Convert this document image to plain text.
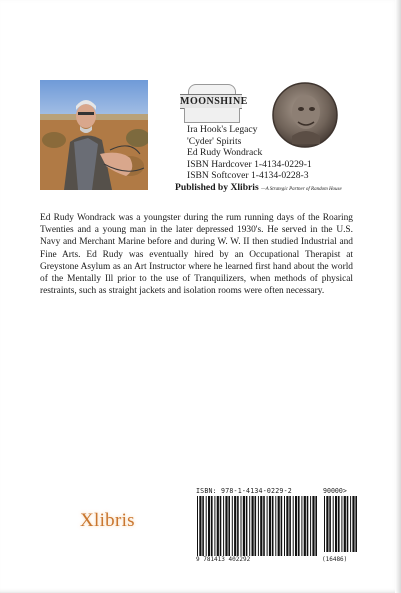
MOONSHINE
Ira Hook's Legacy
'Cyder' Spirits
Ed Rudy Wondrack
ISBN Hardcover 1-4134-0229-1
ISBN Softcover 1-4134-0228-3
Published by Xlibris —A Strategic Partner of Random House

Ed Rudy Wondrack was a youngster during the rum running days of the Roaring Twenties and a young man in the later depressed 1930's. He served in the U.S. Navy and Merchant Marine before and during W. W. II then studied Industrial and Fine Arts. Ed Rudy was eventually hired by an Occupational Therapist at Greystone Asylum as an Art Instructor where he learned first hand about the world of the Mentally Ill prior to the use of Tranquilizers, when methods of physical restraints, such as straight jackets and isolation rooms were often necessary.

ISBN: 978-1-4134-0229-2	90000>
9 781413 402292	(16486)
Xlibris
